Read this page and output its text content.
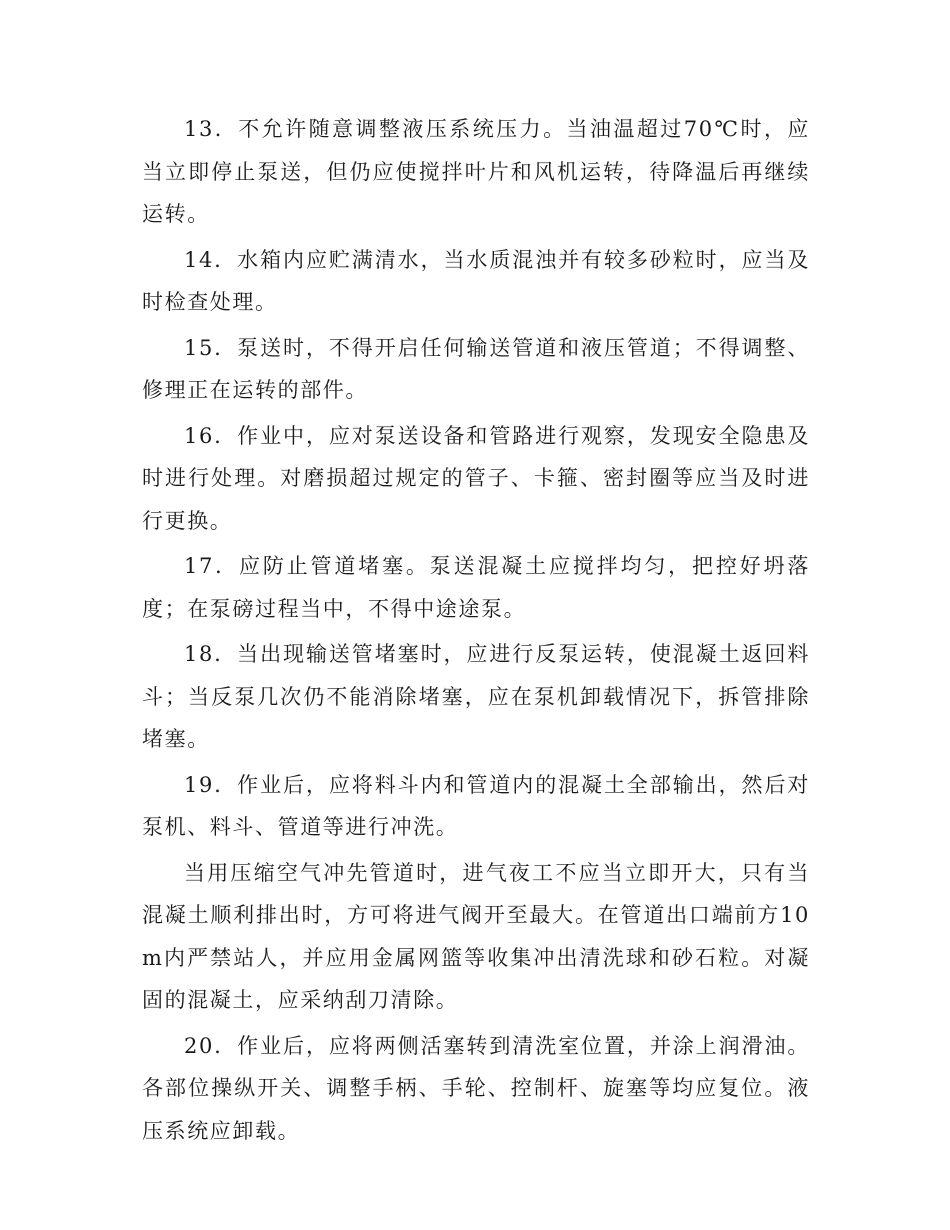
13．不允许随意调整液压系统压力。当油温超过70℃时，应当立即停止泵送，但仍应使搅拌叶片和风机运转，待降温后再继续运转。

14．水箱内应贮满清水，当水质混浊并有较多砂粒时，应当及时检查处理。

15．泵送时，不得开启任何输送管道和液压管道；不得调整、修理正在运转的部件。

16．作业中，应对泵送设备和管路进行观察，发现安全隐患及时进行处理。对磨损超过规定的管子、卡箍、密封圈等应当及时进行更换。

17．应防止管道堵塞。泵送混凝土应搅拌均匀，把控好坍落度；在泵磅过程当中，不得中途途泵。

18．当出现输送管堵塞时，应进行反泵运转，使混凝土返回料斗；当反泵几次仍不能消除堵塞，应在泵机卸载情况下，拆管排除堵塞。

19．作业后，应将料斗内和管道内的混凝土全部输出，然后对泵机、料斗、管道等进行冲洗。

当用压缩空气冲先管道时，进气夜工不应当立即开大，只有当混凝土顺利排出时，方可将进气阀开至最大。在管道出口端前方10m内严禁站人，并应用金属网篮等收集冲出清洗球和砂石粒。对凝固的混凝土，应采纳刮刀清除。

20．作业后，应将两侧活塞转到清洗室位置，并涂上润滑油。各部位操纵开关、调整手柄、手轮、控制杆、旋塞等均应复位。液压系统应卸载。
